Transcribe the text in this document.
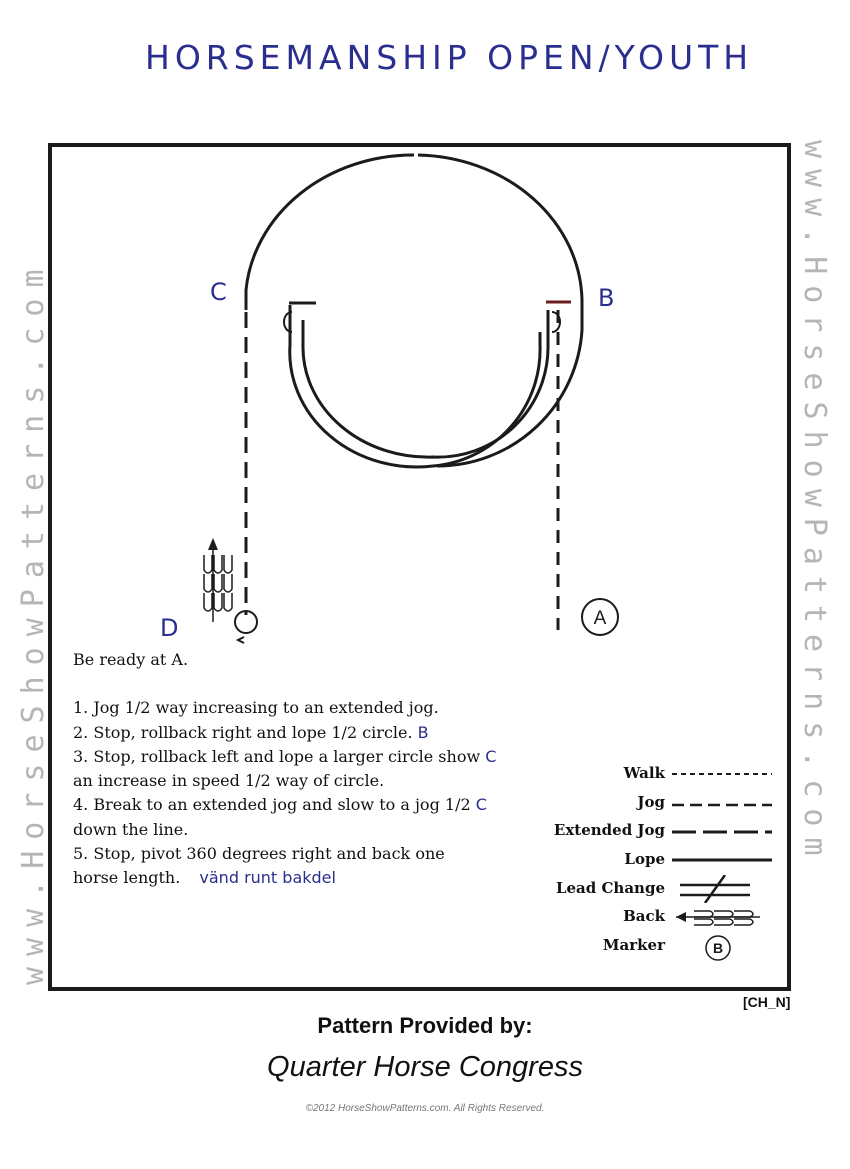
HORSEMANSHIP OPEN/YOUTH
www.HorseShowPatterns.com	www.HorseShowPatterns.com
A
C	B
D

Be ready at A.

1. Jog 1/2 way increasing to an extended jog.

2. Stop, rollback right and lope 1/2 circle. B

3. Stop, rollback left and lope a larger circle show C

an increase in speed 1/2 way of circle.

4. Break to an extended jog and slow to a jog 1/2 C

down the line.

5. Stop, pivot 360 degrees right and back one

horse length. vänd runt bakdel

Walk
Jog
Extended Jog
Lope
Lead Change
Back
Marker	B
[CH_N]
Pattern Provided by:
Quarter Horse Congress
©2012 HorseShowPatterns.com. All Rights Reserved.
